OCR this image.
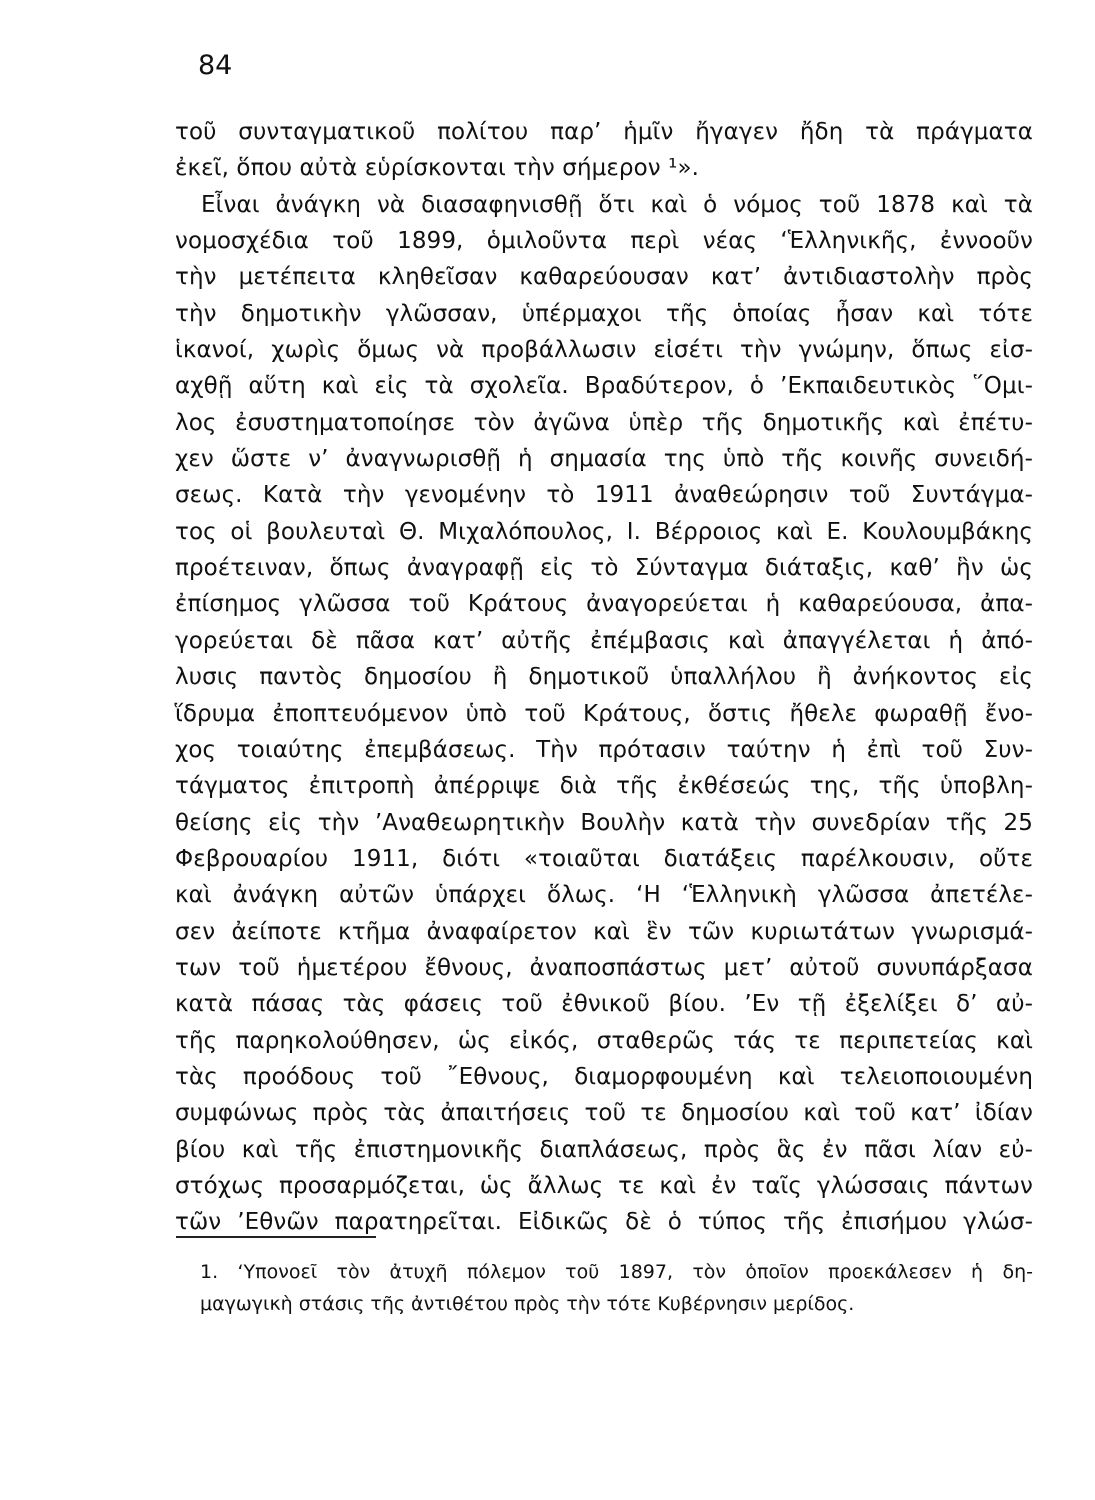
84
τοῦ συνταγματικοῦ πολίτου παρ’ ἡμῖν ἤγαγεν ἤδη τὰ πράγματα
ἐκεῖ, ὅπου αὐτὰ εὑρίσκονται τὴν σήμερον ¹».
Εἶναι ἀνάγκη νὰ διασαφηνισθῇ ὅτι καὶ ὁ νόμος τοῦ 1878 καὶ τὰ
νομοσχέδια τοῦ 1899, ὁμιλοῦντα περὶ νέας ‘Ἑλληνικῆς, ἐννοοῦν
τὴν μετέπειτα κληθεῖσαν καθαρεύουσαν κατ’ ἀντιδιαστολὴν πρὸς
τὴν δημοτικὴν γλῶσσαν, ὑπέρμαχοι τῆς ὁποίας ἦσαν καὶ τότε
ἱκανοί, χωρὶς ὅμως νὰ προβάλλωσιν εἰσέτι τὴν γνώμην, ὅπως εἰσ-
αχθῇ αὕτη καὶ εἰς τὰ σχολεῖα. Βραδύτερον, ὁ ’Εκπαιδευτικὸς ῞Ομι-
λος ἐσυστηματοποίησε τὸν ἀγῶνα ὑπὲρ τῆς δημοτικῆς καὶ ἐπέτυ-
χεν ὥστε ν’ ἀναγνωρισθῇ ἡ σημασία της ὑπὸ τῆς κοινῆς συνειδή-
σεως. Κατὰ τὴν γενομένην τὸ 1911 ἀναθεώρησιν τοῦ Συντάγμα-
τος οἱ βουλευταὶ Θ. Μιχαλόπουλος, Ι. Βέρροιος καὶ Ε. Κουλουμβάκης
προέτειναν, ὅπως ἀναγραφῇ εἰς τὸ Σύνταγμα διάταξις, καθ’ ἣν ὡς
ἐπίσημος γλῶσσα τοῦ Κράτους ἀναγορεύεται ἡ καθαρεύουσα, ἀπα-
γορεύεται δὲ πᾶσα κατ’ αὐτῆς ἐπέμβασις καὶ ἀπαγγέλεται ἡ ἀπό-
λυσις παντὸς δημοσίου ἢ δημοτικοῦ ὑπαλλήλου ἢ ἀνήκοντος εἰς
ἵδρυμα ἐποπτευόμενον ὑπὸ τοῦ Κράτους, ὅστις ἤθελε φωραθῇ ἔνο-
χος τοιαύτης ἐπεμβάσεως. Τὴν πρότασιν ταύτην ἡ ἐπὶ τοῦ Συν-
τάγματος ἐπιτροπὴ ἀπέρριψε διὰ τῆς ἐκθέσεώς της, τῆς ὑποβλη-
θείσης εἰς τὴν ’Αναθεωρητικὴν Βουλὴν κατὰ τὴν συνεδρίαν τῆς 25
Φεβρουαρίου 1911, διότι «τοιαῦται διατάξεις παρέλκουσιν, οὔτε
καὶ ἀνάγκη αὐτῶν ὑπάρχει ὅλως. ‘Η ‘Ἑλληνικὴ γλῶσσα ἀπετέλε-
σεν ἀείποτε κτῆμα ἀναφαίρετον καὶ ἓν τῶν κυριωτάτων γνωρισμά-
των τοῦ ἡμετέρου ἔθνους, ἀναποσπάστως μετ’ αὐτοῦ συνυπάρξασα
κατὰ πάσας τὰς φάσεις τοῦ ἐθνικοῦ βίου. ’Εν τῇ ἐξελίξει δ’ αὐ-
τῆς παρηκολούθησεν, ὡς εἰκός, σταθερῶς τάς τε περιπετείας καὶ
τὰς προόδους τοῦ ῎Εθνους, διαμορφουμένη καὶ τελειοποιουμένη
συμφώνως πρὸς τὰς ἀπαιτήσεις τοῦ τε δημοσίου καὶ τοῦ κατ’ ἰδίαν
βίου καὶ τῆς ἐπιστημονικῆς διαπλάσεως, πρὸς ἃς ἐν πᾶσι λίαν εὐ-
στόχως προσαρμόζεται, ὡς ἄλλως τε καὶ ἐν ταῖς γλώσσαις πάντων
τῶν ’Εθνῶν παρατηρεῖται. Εἰδικῶς δὲ ὁ τύπος τῆς ἐπισήμου γλώσ-
1. ‘Υπονοεῖ τὸν ἀτυχῆ πόλεμον τοῦ 1897, τὸν ὁποῖον προεκάλεσεν ἡ δη-
μαγωγικὴ στάσις τῆς ἀντιθέτου πρὸς τὴν τότε Κυβέρνησιν μερίδος.
